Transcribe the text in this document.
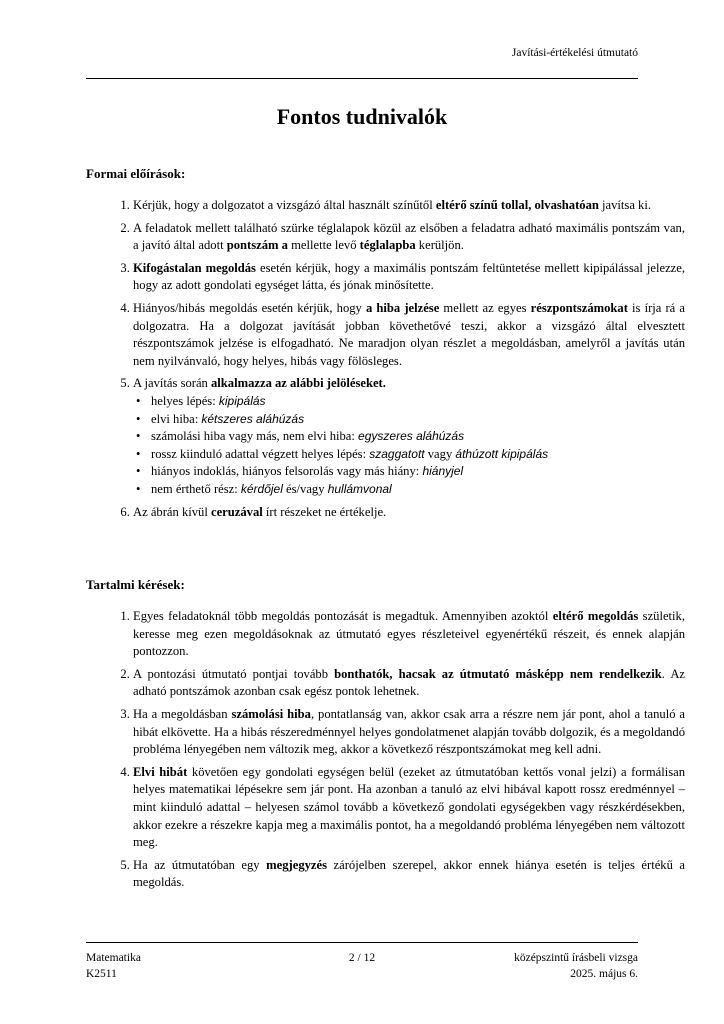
Javítási-értékelési útmutató
Fontos tudnivalók
Formai előírások:
1. Kérjük, hogy a dolgozatot a vizsgázó által használt színűtől eltérő színű tollal, olvashatóan javítsa ki.
2. A feladatok mellett található szürke téglalapok közül az elsőben a feladatra adható maximális pontszám van, a javító által adott pontszám a mellette levő téglalapba kerüljön.
3. Kifogástalan megoldás esetén kérjük, hogy a maximális pontszám feltüntetése mellett kipipálással jelezze, hogy az adott gondolati egységet látta, és jónak minősítette.
4. Hiányos/hibás megoldás esetén kérjük, hogy a hiba jelzése mellett az egyes részpontszámokat is írja rá a dolgozatra. Ha a dolgozat javítását jobban követhetővé teszi, akkor a vizsgázó által elvesztett részpontszámok jelzése is elfogadható. Ne maradjon olyan részlet a megoldásban, amelyről a javítás után nem nyilvánvaló, hogy helyes, hibás vagy fölösleges.
5. A javítás során alkalmazza az alábbi jelöléseket.
• helyes lépés: kipipálás
• elvi hiba: kétszeres aláhúzás
• számolási hiba vagy más, nem elvi hiba: egyszeres aláhúzás
• rossz kiinduló adattal végzett helyes lépés: szaggatott vagy áthúzott kipipálás
• hiányos indoklás, hiányos felsorolás vagy más hiány: hiányjel
• nem érthető rész: kérdőjel és/vagy hullámvonal
6. Az ábrán kívül ceruzával írt részeket ne értékelje.
Tartalmi kérések:
1. Egyes feladatoknál több megoldás pontozását is megadtuk. Amennyiben azoktól eltérő megoldás születik, keresse meg ezen megoldásoknak az útmutató egyes részleteivel egyenértékű részeit, és ennek alapján pontozzon.
2. A pontozási útmutató pontjai tovább bonthatók, hacsak az útmutató másképp nem rendelkezik. Az adható pontszámok azonban csak egész pontok lehetnek.
3. Ha a megoldásban számolási hiba, pontatlanság van, akkor csak arra a részre nem jár pont, ahol a tanuló a hibát elkövette. Ha a hibás részeredménnyel helyes gondolatmenet alapján tovább dolgozik, és a megoldandó probléma lényegében nem változik meg, akkor a következő részpontszámokat meg kell adni.
4. Elvi hibát követően egy gondolati egységen belül (ezeket az útmutatóban kettős vonal jelzi) a formálisan helyes matematikai lépésekre sem jár pont. Ha azonban a tanuló az elvi hibával kapott rossz eredménnyel – mint kiinduló adattal – helyesen számol tovább a következő gondolati egységekben vagy részkérdésekben, akkor ezekre a részekre kapja meg a maximális pontot, ha a megoldandó probléma lényegében nem változott meg.
5. Ha az útmutatóban egy megjegyzés zárójelben szerepel, akkor ennek hiánya esetén is teljes értékű a megoldás.
Matematika
K2511
2 / 12	középszintű írásbeli vizsga
2025. május 6.
